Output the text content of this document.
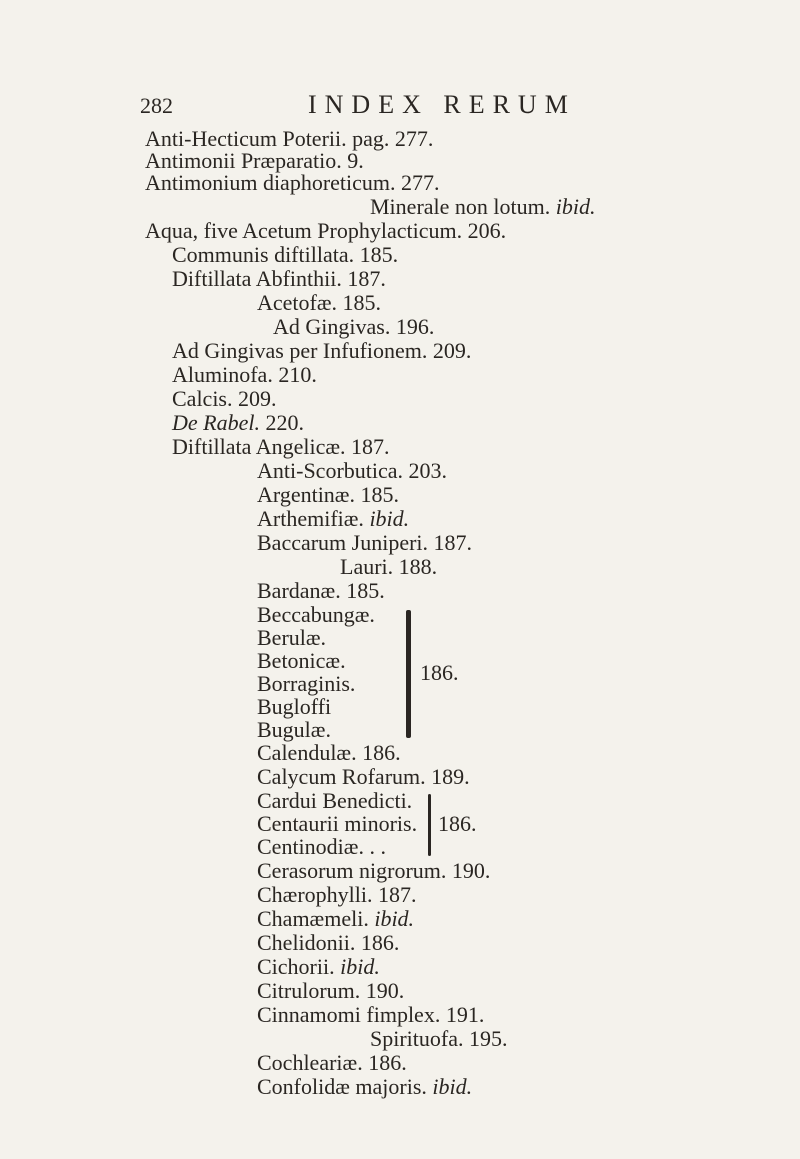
282	INDEX RERUM
Anti-Hecticum Poterii. pag. 277.
Antimonii Præparatio. 9.
Antimonium diaphoreticum. 277.
Minerale non lotum. ibid.
Aqua, five Acetum Prophylacticum. 206.
Communis diftillata. 185.
Diftillata Abfinthii. 187.
Acetofæ. 185.
Ad Gingivas. 196.
Ad Gingivas per Infufionem. 209.
Aluminofa. 210.
Calcis. 209.
De Rabel. 220.
Diftillata Angelicæ. 187.
Anti-Scorbutica. 203.
Argentinæ. 185.
Arthemifiæ. ibid.
Baccarum Juniperi. 187.
Lauri. 188.
Bardanæ. 185.
Beccabungæ.
Berulæ.
Betonicæ.
Borraginis.
Bugloffi
Bugulæ.
186.
Calendulæ. 186.
Calycum Rofarum. 189.
Cardui Benedicti.
Centaurii minoris.
Centinodiæ. . .
186.
Cerasorum nigrorum. 190.
Chærophylli. 187.
Chamæmeli. ibid.
Chelidonii. 186.
Cichorii. ibid.
Citrulorum. 190.
Cinnamomi fimplex. 191.
Spirituofa. 195.
Cochleariæ. 186.
Confolidæ majoris. ibid.
